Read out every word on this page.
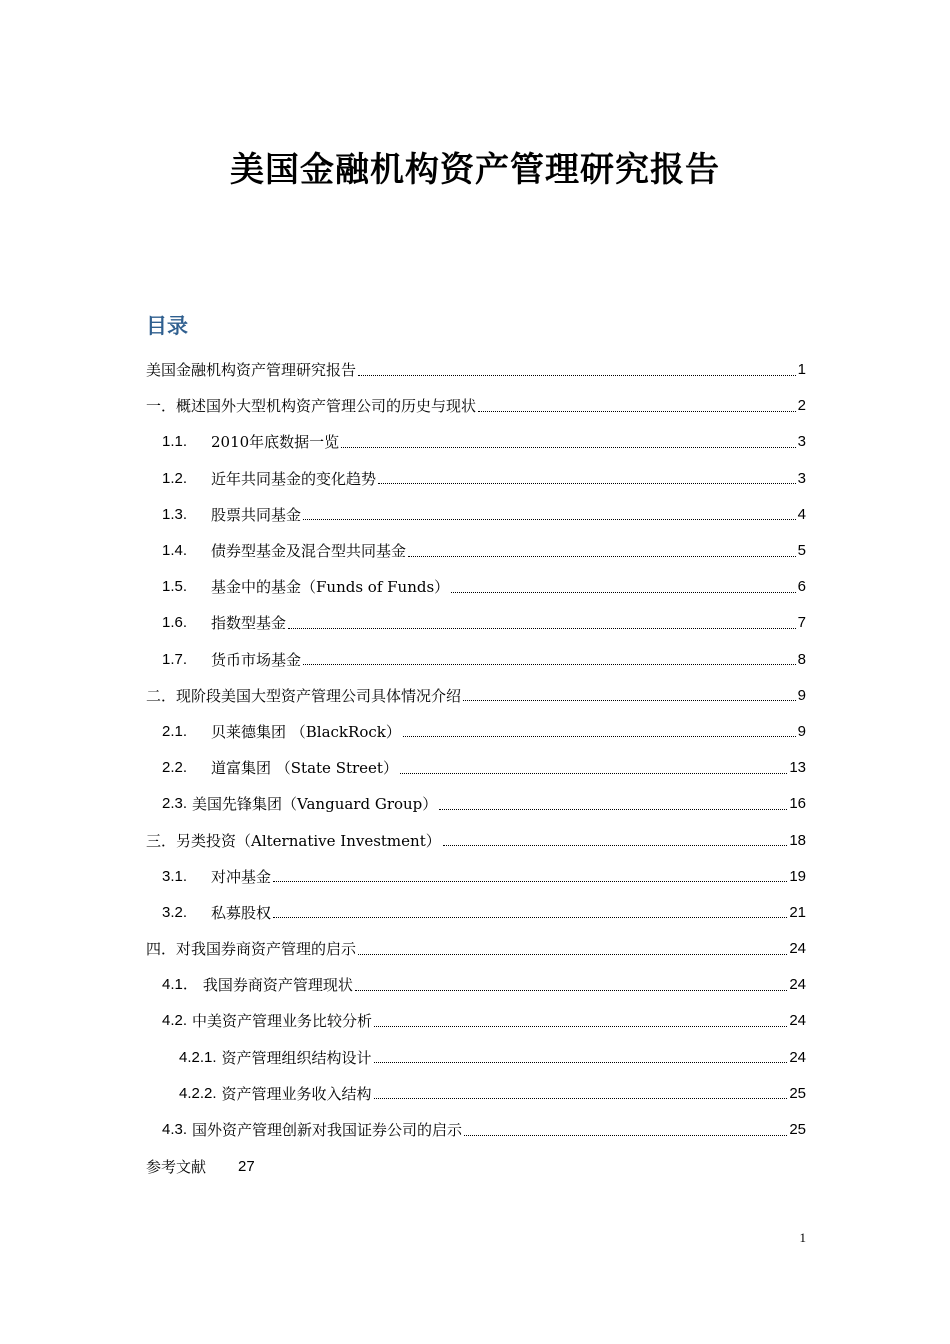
美国金融机构资产管理研究报告
目录
美国金融机构资产管理研究报告	1
一． 概述国外大型机构资产管理公司的历史与现状	2
1.1.	2010年底数据一览	3
1.2.	近年共同基金的变化趋势	3
1.3.	股票共同基金	4
1.4.	债券型基金及混合型共同基金	5
1.5.	基金中的基金（Funds of Funds）	6
1.6.	指数型基金	7
1.7.	货币市场基金	8
二． 现阶段美国大型资产管理公司具体情况介绍	9
2.1.	贝莱德集团 （BlackRock）	9
2.2.	道富集团 （State Street）	13
2.3. 美国先锋集团（Vanguard Group）	16
三． 另类投资（Alternative Investment）	18
3.1.	对冲基金	19
3.2.	私募股权	21
四． 对我国券商资产管理的启示	24
4.1． 我国券商资产管理现状	24
4.2. 中美资产管理业务比较分析	24
4.2.1. 资产管理组织结构设计	24
4.2.2. 资产管理业务收入结构	25
4.3. 国外资产管理创新对我国证券公司的启示	25
参考文献 27
1
